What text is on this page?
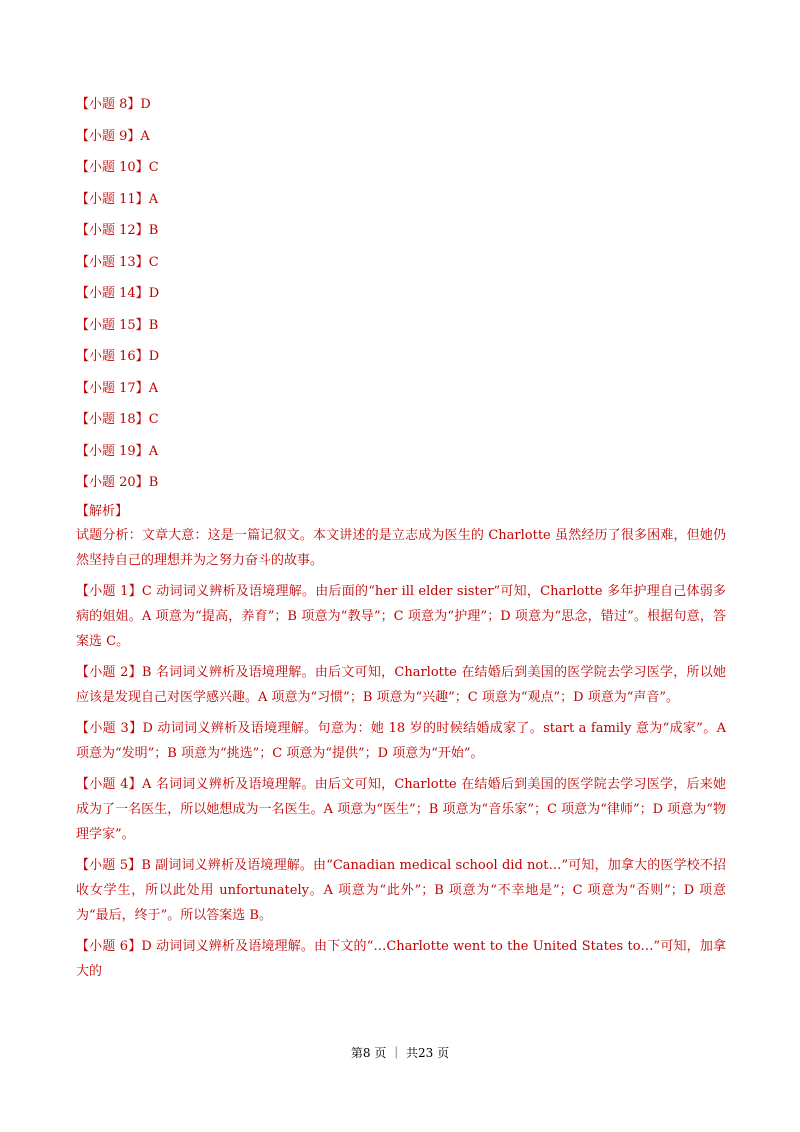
【小题 8】D
【小题 9】A
【小题 10】C
【小题 11】A
【小题 12】B
【小题 13】C
【小题 14】D
【小题 15】B
【小题 16】D
【小题 17】A
【小题 18】C
【小题 19】A
【小题 20】B
【解析】

试题分析：文章大意：这是一篇记叙文。本文讲述的是立志成为医生的 Charlotte 虽然经历了很多困难，但她仍然坚持自己的理想并为之努力奋斗的故事。

【小题 1】C 动词词义辨析及语境理解。由后面的“her ill elder sister”可知，Charlotte 多年护理自己体弱多病的姐姐。A 项意为“提高，养育”；B 项意为“教导”；C 项意为“护理”；D 项意为“思念，错过”。根据句意，答案选 C。

【小题 2】B 名词词义辨析及语境理解。由后文可知，Charlotte 在结婚后到美国的医学院去学习医学，所以她应该是发现自己对医学感兴趣。A 项意为“习惯”；B 项意为“兴趣”；C 项意为“观点”；D 项意为“声音”。

【小题 3】D 动词词义辨析及语境理解。句意为：她 18 岁的时候结婚成家了。start a family 意为“成家”。A 项意为“发明”；B 项意为“挑选”；C 项意为“提供”；D 项意为“开始”。

【小题 4】A 名词词义辨析及语境理解。由后文可知，Charlotte 在结婚后到美国的医学院去学习医学，后来她成为了一名医生，所以她想成为一名医生。A 项意为“医生”；B 项意为“音乐家”；C 项意为“律师”；D 项意为“物理学家”。

【小题 5】B 副词词义辨析及语境理解。由“Canadian medical school did not…”可知，加拿大的医学校不招收女学生，所以此处用 unfortunately。A 项意为“此外”；B 项意为“不幸地是”；C 项意为“否则”；D 项意为“最后，终于”。所以答案选 B。

【小题 6】D 动词词义辨析及语境理解。由下文的“…Charlotte went to the United States to…”可知，加拿大的

第8 页 ｜ 共23 页
